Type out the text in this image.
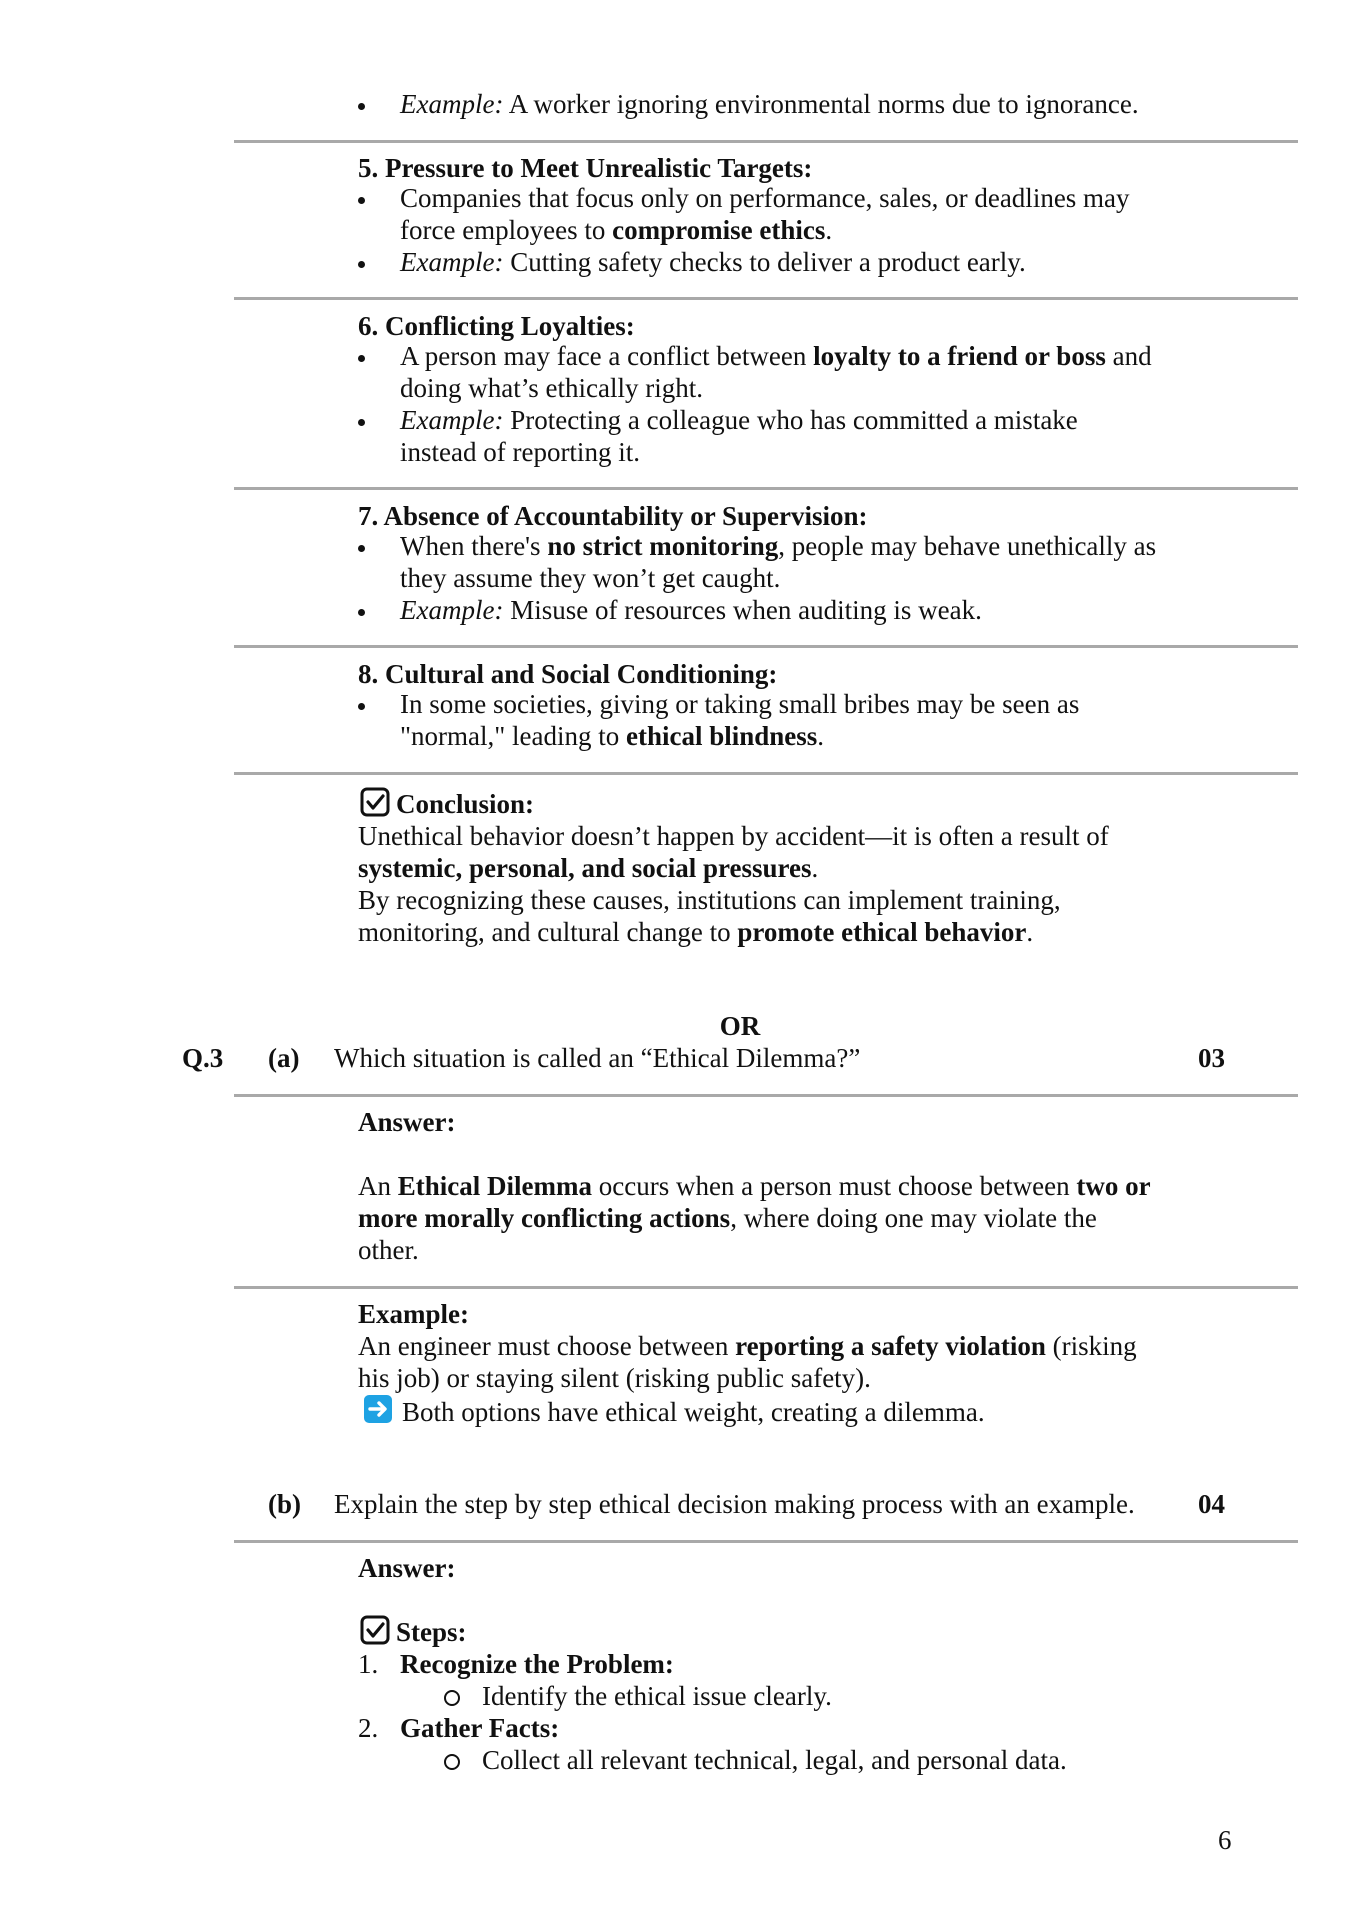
Example: A worker ignoring environmental norms due to ignorance.
5. Pressure to Meet Unrealistic Targets:
Companies that focus only on performance, sales, or deadlines may
force employees to compromise ethics.
Example: Cutting safety checks to deliver a product early.
6. Conflicting Loyalties:
A person may face a conflict between loyalty to a friend or boss and
doing what’s ethically right.
Example: Protecting a colleague who has committed a mistake
instead of reporting it.
7. Absence of Accountability or Supervision:
When there's no strict monitoring, people may behave unethically as
they assume they won’t get caught.
Example: Misuse of resources when auditing is weak.
8. Cultural and Social Conditioning:
In some societies, giving or taking small bribes may be seen as
"normal," leading to ethical blindness.
Conclusion:
Unethical behavior doesn’t happen by accident—it is often a result of
systemic, personal, and social pressures.
By recognizing these causes, institutions can implement training,
monitoring, and cultural change to promote ethical behavior.
OR
Q.3 (a) Which situation is called an “Ethical Dilemma?”	03
Answer:
An Ethical Dilemma occurs when a person must choose between two or
more morally conflicting actions, where doing one may violate the
other.
Example:
An engineer must choose between reporting a safety violation (risking
his job) or staying silent (risking public safety).
Both options have ethical weight, creating a dilemma.
(b) Explain the step by step ethical decision making process with an example. 04
Answer:
Steps:
1. Recognize the Problem:
Identify the ethical issue clearly.
2. Gather Facts:
Collect all relevant technical, legal, and personal data.
6
